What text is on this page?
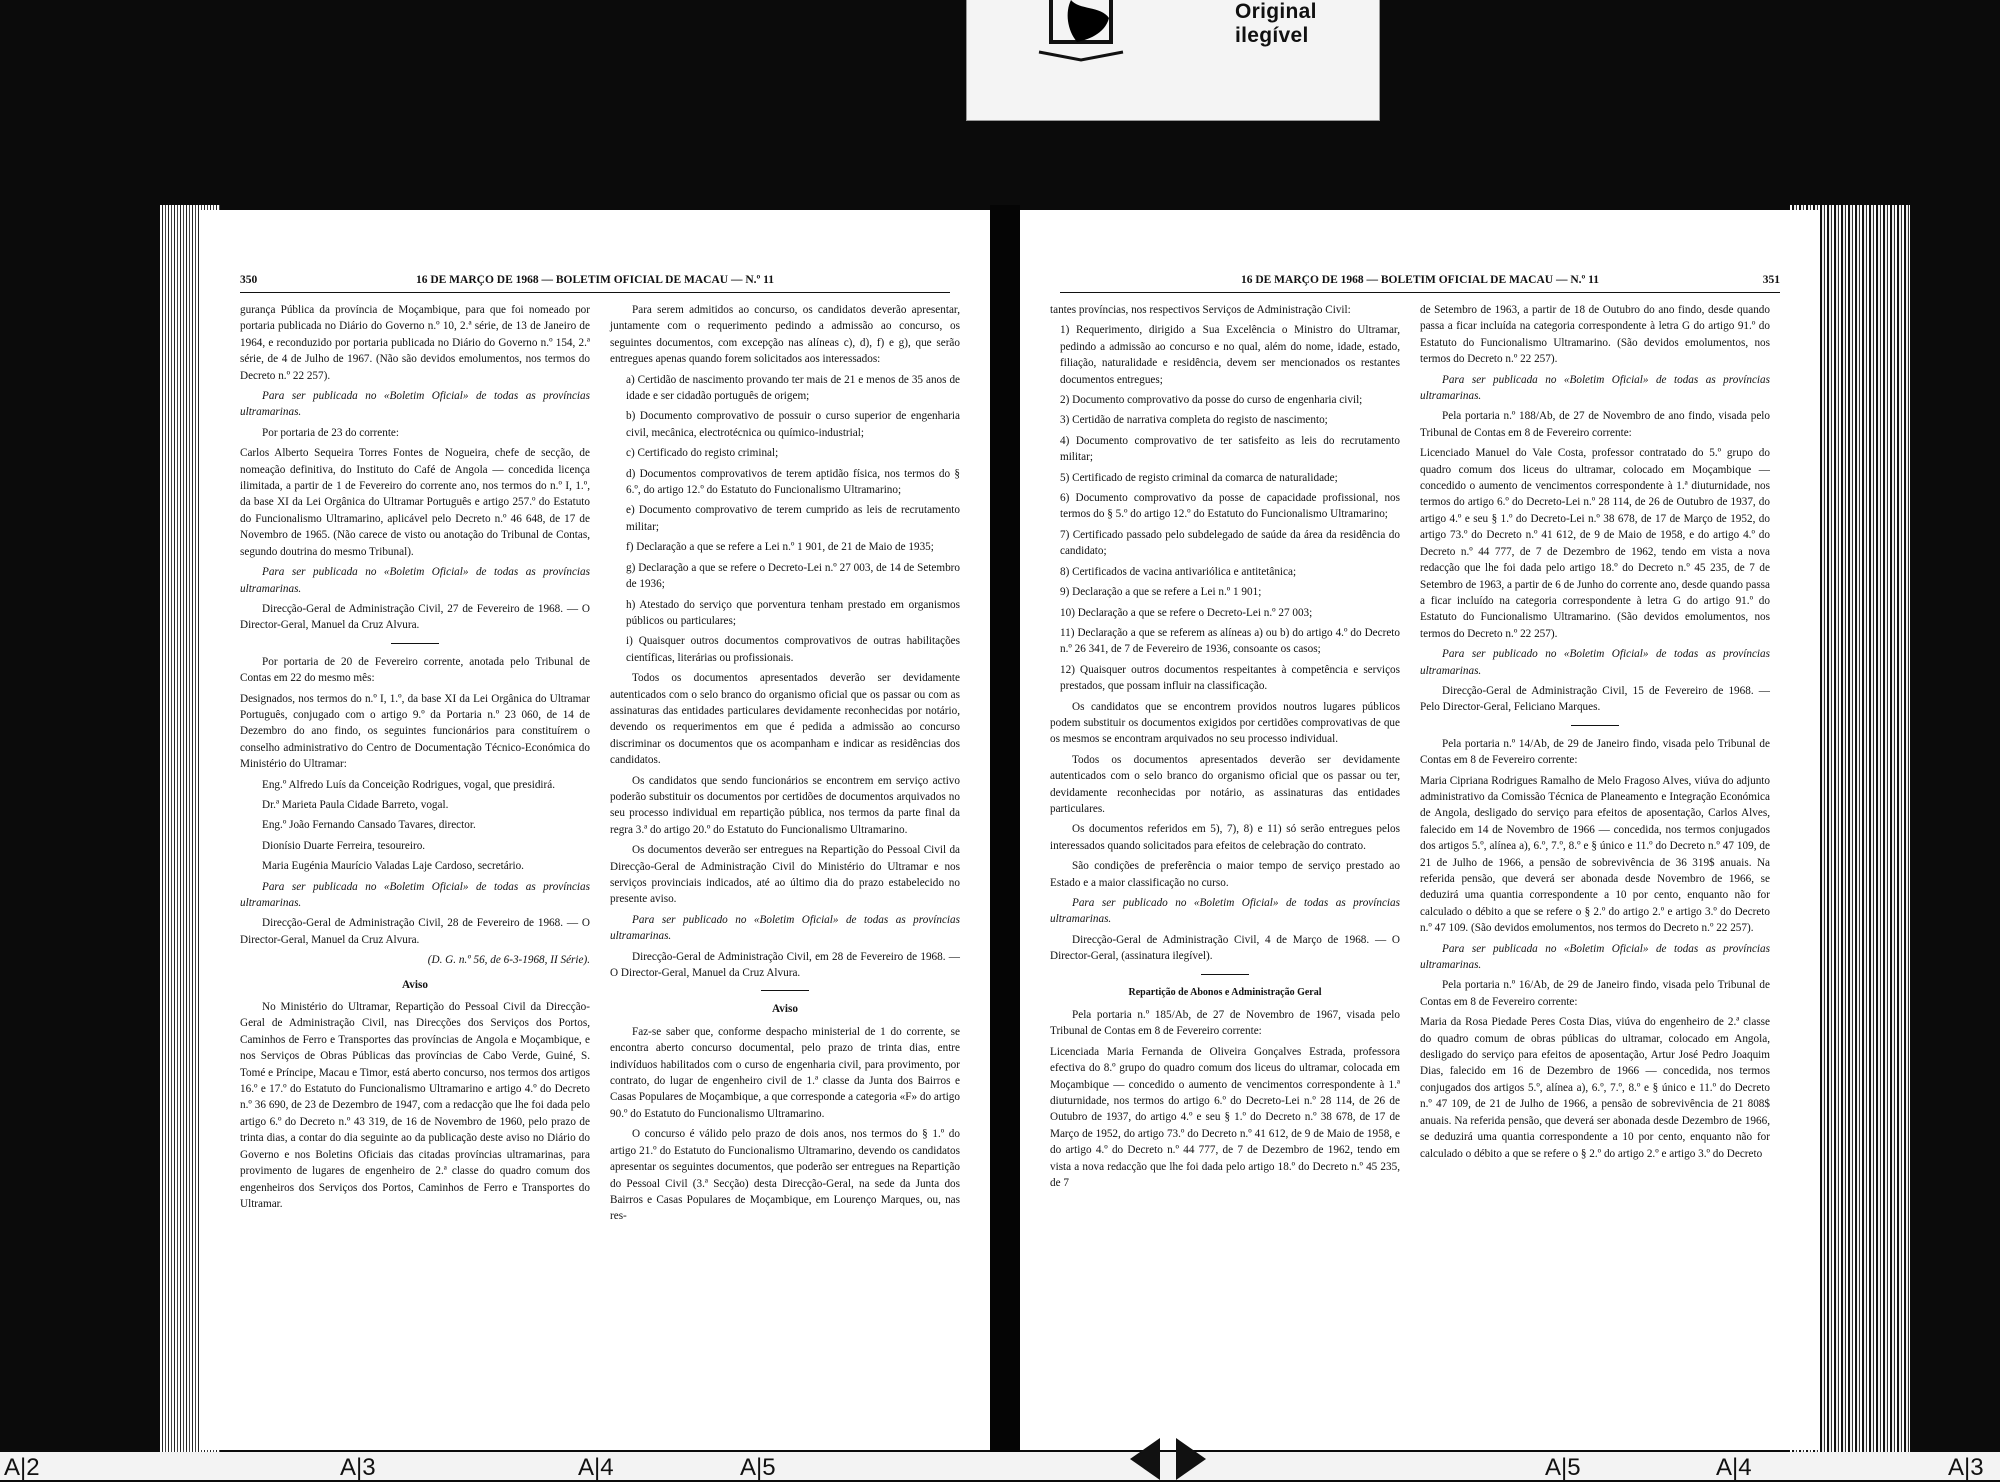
Original ilegível
350	16 DE MARÇO DE 1968 — BOLETIM OFICIAL DE MACAU — N.º 11

gurança Pública da província de Moçambique, para que foi nomeado por portaria publicada no Diário do Governo n.º 10, 2.ª série, de 13 de Janeiro de 1964, e reconduzido por portaria publicada no Diário do Governo n.º 154, 2.ª série, de 4 de Julho de 1967. (Não são devidos emolumentos, nos termos do Decreto n.º 22 257).

Para ser publicada no «Boletim Oficial» de todas as províncias ultramarinas.

Por portaria de 23 do corrente:

Carlos Alberto Sequeira Torres Fontes de Nogueira, chefe de secção, de nomeação definitiva, do Instituto do Café de Angola — concedida licença ilimitada, a partir de 1 de Fevereiro do corrente ano, nos termos do n.º I, 1.º, da base XI da Lei Orgânica do Ultramar Português e artigo 257.º do Estatuto do Funcionalismo Ultramarino, aplicável pelo Decreto n.º 46 648, de 17 de Novembro de 1965. (Não carece de visto ou anotação do Tribunal de Contas, segundo doutrina do mesmo Tribunal).

Para ser publicada no «Boletim Oficial» de todas as províncias ultramarinas.

Direcção-Geral de Administração Civil, 27 de Fevereiro de 1968. — O Director-Geral, Manuel da Cruz Alvura.

Por portaria de 20 de Fevereiro corrente, anotada pelo Tribunal de Contas em 22 do mesmo mês:

Designados, nos termos do n.º I, 1.º, da base XI da Lei Orgânica do Ultramar Português, conjugado com o artigo 9.º da Portaria n.º 23 060, de 14 de Dezembro do ano findo, os seguintes funcionários para constituírem o conselho administrativo do Centro de Documentação Técnico-Económica do Ministério do Ultramar:

Eng.º Alfredo Luís da Conceição Rodrigues, vogal, que presidirá.

Dr.ª Marieta Paula Cidade Barreto, vogal.

Eng.º João Fernando Cansado Tavares, director.

Dionísio Duarte Ferreira, tesoureiro.

Maria Eugénia Maurício Valadas Laje Cardoso, secretário.

Para ser publicada no «Boletim Oficial» de todas as províncias ultramarinas.

Direcção-Geral de Administração Civil, 28 de Fevereiro de 1968. — O Director-Geral, Manuel da Cruz Alvura.

(D. G. n.º 56, de 6-3-1968, II Série).

Aviso

No Ministério do Ultramar, Repartição do Pessoal Civil da Direcção-Geral de Administração Civil, nas Direcções dos Serviços dos Portos, Caminhos de Ferro e Transportes das províncias de Angola e Moçambique, e nos Serviços de Obras Públicas das províncias de Cabo Verde, Guiné, S. Tomé e Príncipe, Macau e Timor, está aberto concurso, nos termos dos artigos 16.º e 17.º do Estatuto do Funcionalismo Ultramarino e artigo 4.º do Decreto n.º 36 690, de 23 de Dezembro de 1947, com a redacção que lhe foi dada pelo artigo 6.º do Decreto n.º 43 319, de 16 de Novembro de 1960, pelo prazo de trinta dias, a contar do dia seguinte ao da publicação deste aviso no Diário do Governo e nos Boletins Oficiais das citadas províncias ultramarinas, para provimento de lugares de engenheiro de 2.ª classe do quadro comum dos engenheiros dos Serviços dos Portos, Caminhos de Ferro e Transportes do Ultramar.

Para serem admitidos ao concurso, os candidatos deverão apresentar, juntamente com o requerimento pedindo a admissão ao concurso, os seguintes documentos, com excepção nas alíneas c), d), f) e g), que serão entregues apenas quando forem solicitados aos interessados:

a) Certidão de nascimento provando ter mais de 21 e menos de 35 anos de idade e ser cidadão português de origem;

b) Documento comprovativo de possuir o curso superior de engenharia civil, mecânica, electrotécnica ou químico-industrial;

c) Certificado do registo criminal;

d) Documentos comprovativos de terem aptidão física, nos termos do § 6.º, do artigo 12.º do Estatuto do Funcionalismo Ultramarino;

e) Documento comprovativo de terem cumprido as leis de recrutamento militar;

f) Declaração a que se refere a Lei n.º 1 901, de 21 de Maio de 1935;

g) Declaração a que se refere o Decreto-Lei n.º 27 003, de 14 de Setembro de 1936;

h) Atestado do serviço que porventura tenham prestado em organismos públicos ou particulares;

i) Quaisquer outros documentos comprovativos de outras habilitações científicas, literárias ou profissionais.

Todos os documentos apresentados deverão ser devidamente autenticados com o selo branco do organismo oficial que os passar ou com as assinaturas das entidades particulares devidamente reconhecidas por notário, devendo os requerimentos em que é pedida a admissão ao concurso discriminar os documentos que os acompanham e indicar as residências dos candidatos.

Os candidatos que sendo funcionários se encontrem em serviço activo poderão substituir os documentos por certidões de documentos arquivados no seu processo individual em repartição pública, nos termos da parte final da regra 3.ª do artigo 20.º do Estatuto do Funcionalismo Ultramarino.

Os documentos deverão ser entregues na Repartição do Pessoal Civil da Direcção-Geral de Administração Civil do Ministério do Ultramar e nos serviços provinciais indicados, até ao último dia do prazo estabelecido no presente aviso.

Para ser publicado no «Boletim Oficial» de todas as províncias ultramarinas.

Direcção-Geral de Administração Civil, em 28 de Fevereiro de 1968. — O Director-Geral, Manuel da Cruz Alvura.

Aviso

Faz-se saber que, conforme despacho ministerial de 1 do corrente, se encontra aberto concurso documental, pelo prazo de trinta dias, entre indivíduos habilitados com o curso de engenharia civil, para provimento, por contrato, do lugar de engenheiro civil de 1.ª classe da Junta dos Bairros e Casas Populares de Moçambique, a que corresponde a categoria «F» do artigo 90.º do Estatuto do Funcionalismo Ultramarino.

O concurso é válido pelo prazo de dois anos, nos termos do § 1.º do artigo 21.º do Estatuto do Funcionalismo Ultramarino, devendo os candidatos apresentar os seguintes documentos, que poderão ser entregues na Repartição do Pessoal Civil (3.ª Secção) desta Direcção-Geral, na sede da Junta dos Bairros e Casas Populares de Moçambique, em Lourenço Marques, ou, nas res-

16 DE MARÇO DE 1968 — BOLETIM OFICIAL DE MACAU — N.º 11	351

tantes províncias, nos respectivos Serviços de Administração Civil:

1) Requerimento, dirigido a Sua Excelência o Ministro do Ultramar, pedindo a admissão ao concurso e no qual, além do nome, idade, estado, filiação, naturalidade e residência, devem ser mencionados os restantes documentos entregues;

2) Documento comprovativo da posse do curso de engenharia civil;

3) Certidão de narrativa completa do registo de nascimento;

4) Documento comprovativo de ter satisfeito as leis do recrutamento militar;

5) Certificado de registo criminal da comarca de naturalidade;

6) Documento comprovativo da posse de capacidade profissional, nos termos do § 5.º do artigo 12.º do Estatuto do Funcionalismo Ultramarino;

7) Certificado passado pelo subdelegado de saúde da área da residência do candidato;

8) Certificados de vacina antivariólica e antitetânica;

9) Declaração a que se refere a Lei n.º 1 901;

10) Declaração a que se refere o Decreto-Lei n.º 27 003;

11) Declaração a que se referem as alíneas a) ou b) do artigo 4.º do Decreto n.º 26 341, de 7 de Fevereiro de 1936, consoante os casos;

12) Quaisquer outros documentos respeitantes à competência e serviços prestados, que possam influir na classificação.

Os candidatos que se encontrem providos noutros lugares públicos podem substituir os documentos exigidos por certidões comprovativas de que os mesmos se encontram arquivados no seu processo individual.

Todos os documentos apresentados deverão ser devidamente autenticados com o selo branco do organismo oficial que os passar ou ter, devidamente reconhecidas por notário, as assinaturas das entidades particulares.

Os documentos referidos em 5), 7), 8) e 11) só serão entregues pelos interessados quando solicitados para efeitos de celebração do contrato.

São condições de preferência o maior tempo de serviço prestado ao Estado e a maior classificação no curso.

Para ser publicado no «Boletim Oficial» de todas as províncias ultramarinas.

Direcção-Geral de Administração Civil, 4 de Março de 1968. — O Director-Geral, (assinatura ilegível).

Repartição de Abonos e Administração Geral

Pela portaria n.º 185/Ab, de 27 de Novembro de 1967, visada pelo Tribunal de Contas em 8 de Fevereiro corrente:

Licenciada Maria Fernanda de Oliveira Gonçalves Estrada, professora efectiva do 8.º grupo do quadro comum dos liceus do ultramar, colocada em Moçambique — concedido o aumento de vencimentos correspondente à 1.ª diuturnidade, nos termos do artigo 6.º do Decreto-Lei n.º 28 114, de 26 de Outubro de 1937, do artigo 4.º e seu § 1.º do Decreto n.º 38 678, de 17 de Março de 1952, do artigo 73.º do Decreto n.º 41 612, de 9 de Maio de 1958, e do artigo 4.º do Decreto n.º 44 777, de 7 de Dezembro de 1962, tendo em vista a nova redacção que lhe foi dada pelo artigo 18.º do Decreto n.º 45 235, de 7

de Setembro de 1963, a partir de 18 de Outubro do ano findo, desde quando passa a ficar incluída na categoria correspondente à letra G do artigo 91.º do Estatuto do Funcionalismo Ultramarino. (São devidos emolumentos, nos termos do Decreto n.º 22 257).

Para ser publicada no «Boletim Oficial» de todas as províncias ultramarinas.

Pela portaria n.º 188/Ab, de 27 de Novembro de ano findo, visada pelo Tribunal de Contas em 8 de Fevereiro corrente:

Licenciado Manuel do Vale Costa, professor contratado do 5.º grupo do quadro comum dos liceus do ultramar, colocado em Moçambique — concedido o aumento de vencimentos correspondente à 1.ª diuturnidade, nos termos do artigo 6.º do Decreto-Lei n.º 28 114, de 26 de Outubro de 1937, do artigo 4.º e seu § 1.º do Decreto-Lei n.º 38 678, de 17 de Março de 1952, do artigo 73.º do Decreto n.º 41 612, de 9 de Maio de 1958, e do artigo 4.º do Decreto n.º 44 777, de 7 de Dezembro de 1962, tendo em vista a nova redacção que lhe foi dada pelo artigo 18.º do Decreto n.º 45 235, de 7 de Setembro de 1963, a partir de 6 de Junho do corrente ano, desde quando passa a ficar incluído na categoria correspondente à letra G do artigo 91.º do Estatuto do Funcionalismo Ultramarino. (São devidos emolumentos, nos termos do Decreto n.º 22 257).

Para ser publicado no «Boletim Oficial» de todas as províncias ultramarinas.

Direcção-Geral de Administração Civil, 15 de Fevereiro de 1968. — Pelo Director-Geral, Feliciano Marques.

Pela portaria n.º 14/Ab, de 29 de Janeiro findo, visada pelo Tribunal de Contas em 8 de Fevereiro corrente:

Maria Cipriana Rodrigues Ramalho de Melo Fragoso Alves, viúva do adjunto administrativo da Comissão Técnica de Planeamento e Integração Económica de Angola, desligado do serviço para efeitos de aposentação, Carlos Alves, falecido em 14 de Novembro de 1966 — concedida, nos termos conjugados dos artigos 5.º, alínea a), 6.º, 7.º, 8.º e § único e 11.º do Decreto n.º 47 109, de 21 de Julho de 1966, a pensão de sobrevivência de 36 319$ anuais. Na referida pensão, que deverá ser abonada desde Novembro de 1966, se deduzirá uma quantia correspondente a 10 por cento, enquanto não for calculado o débito a que se refere o § 2.º do artigo 2.º e artigo 3.º do Decreto n.º 47 109. (São devidos emolumentos, nos termos do Decreto n.º 22 257).

Para ser publicada no «Boletim Oficial» de todas as províncias ultramarinas.

Pela portaria n.º 16/Ab, de 29 de Janeiro findo, visada pelo Tribunal de Contas em 8 de Fevereiro corrente:

Maria da Rosa Piedade Peres Costa Dias, viúva do engenheiro de 2.ª classe do quadro comum de obras públicas do ultramar, colocado em Angola, desligado do serviço para efeitos de aposentação, Artur José Pedro Joaquim Dias, falecido em 16 de Dezembro de 1966 — concedida, nos termos conjugados dos artigos 5.º, alínea a), 6.º, 7.º, 8.º e § único e 11.º do Decreto n.º 47 109, de 21 de Julho de 1966, a pensão de sobrevivência de 21 808$ anuais. Na referida pensão, que deverá ser abonada desde Dezembro de 1966, se deduzirá uma quantia correspondente a 10 por cento, enquanto não for calculado o débito a que se refere o § 2.º do artigo 2.º e artigo 3.º do Decreto

A|2	A|3	A|4	A|5	A|5	A|4	A|3
